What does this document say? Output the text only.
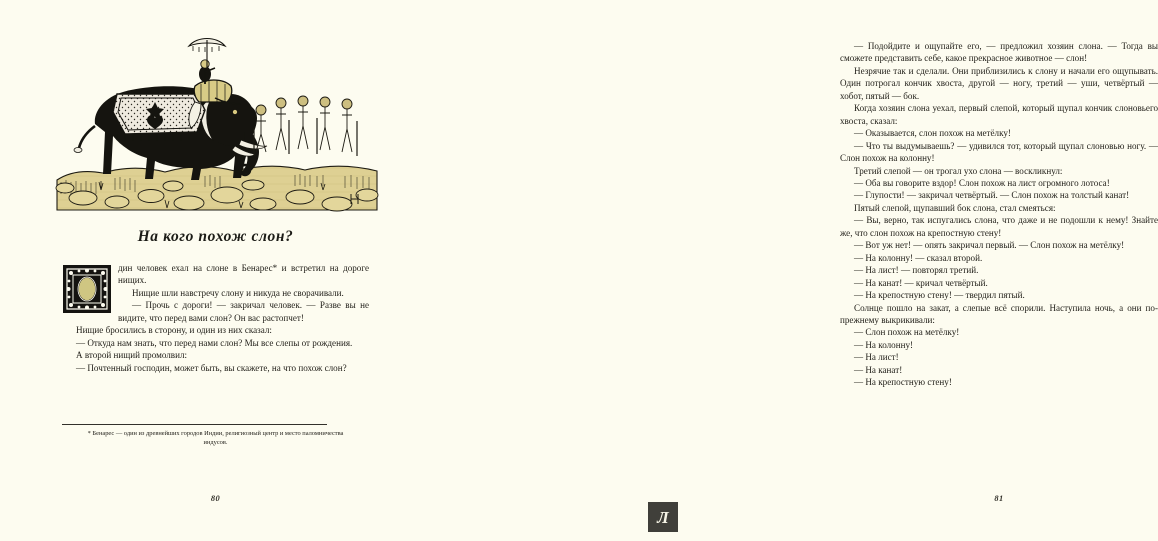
На кого похож слон?

дин человек ехал на слоне в Бенарес* и встретил на дороге нищих.

Нищие шли навстречу слону и никуда не сворачивали.

— Прочь с дороги! — закричал человек. — Разве вы не видите, что перед вами слон? Он вас растопчет!

Нищие бросились в сторону, и один из них сказал:

— Откуда нам знать, что перед нами слон? Мы все слепы от рождения.

А второй нищий промолвил:

— Почтенный господин, может быть, вы скажете, на что похож слон?

* Бенарес — один из древнейших городов Индии, религиозный центр и место паломничества индусов.
80

— Подойдите и ощупайте его, — предложил хозяин слона. — Тогда вы сможете представить себе, какое прекрасное животное — слон!

Незрячие так и сделали. Они приблизились к слону и начали его ощупывать. Один потрогал кончик хвоста, другой — ногу, третий — уши, четвёртый — хобот, пятый — бок.

Когда хозяин слона уехал, первый слепой, который щупал кончик слоновьего хвоста, сказал:

— Оказывается, слон похож на метёлку!

— Что ты выдумываешь? — удивился тот, который щупал слоновью ногу. — Слон похож на колонну!

Третий слепой — он трогал ухо слона — воскликнул:

— Оба вы говорите вздор! Слон похож на лист огромного лотоса!

— Глупости! — закричал четвёртый. — Слон похож на толстый канат!

Пятый слепой, щупавший бок слона, стал смеяться:

— Вы, верно, так испугались слона, что даже и не подошли к нему! Знайте же, что слон похож на крепостную стену!

— Вот уж нет! — опять закричал первый. — Слон похож на метёлку!

— На колонну! — сказал второй.

— На лист! — повторял третий.

— На канат! — кричал четвёртый.

— На крепостную стену! — твердил пятый.

Солнце пошло на закат, а слепые всё спорили. Наступила ночь, а они по-прежнему выкрикивали:

— Слон похож на метёлку!

— На колонну!

— На лист!

— На канат!

— На крепостную стену!

81
Л
